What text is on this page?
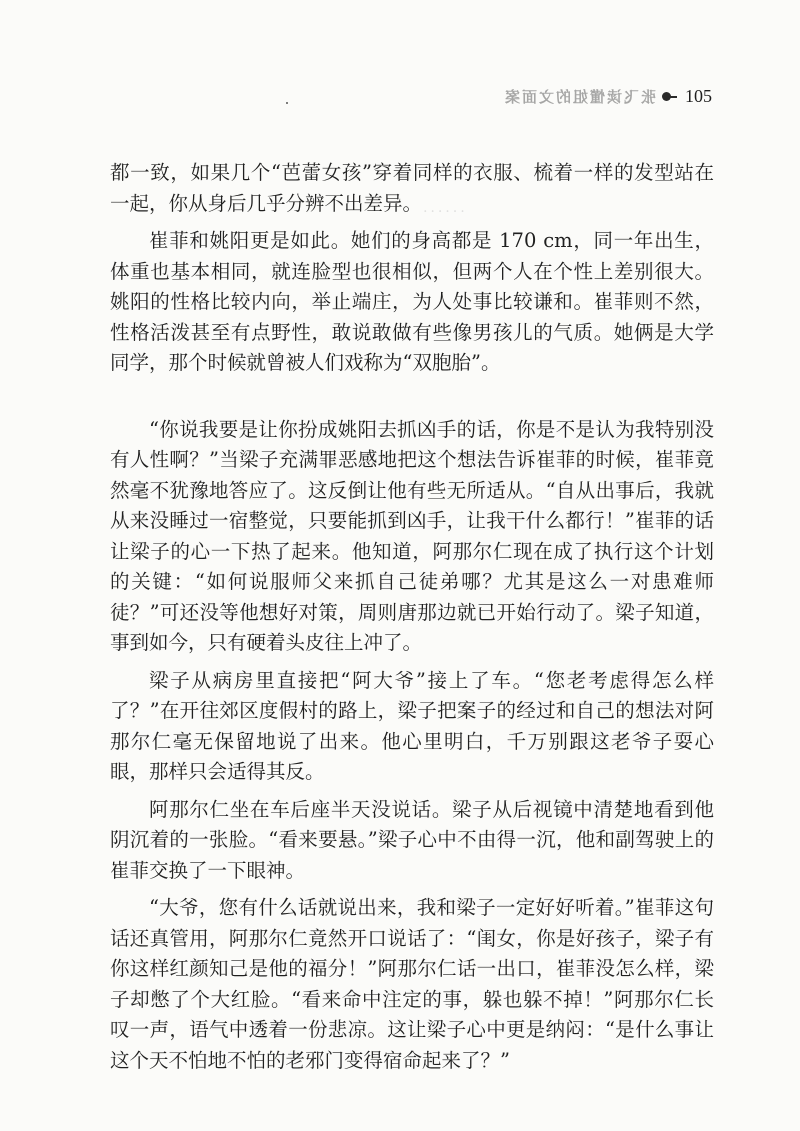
张飞读懂姐的文面案 105
......

都一致，如果几个“芭蕾女孩”穿着同样的衣服、梳着一样的发型站在一起，你从身后几乎分辨不出差异。

崔菲和姚阳更是如此。她们的身高都是 170 cm，同一年出生，体重也基本相同，就连脸型也很相似，但两个人在个性上差别很大。姚阳的性格比较内向，举止端庄，为人处事比较谦和。崔菲则不然，性格活泼甚至有点野性，敢说敢做有些像男孩儿的气质。她俩是大学同学，那个时候就曾被人们戏称为“双胞胎”。

“你说我要是让你扮成姚阳去抓凶手的话，你是不是认为我特别没有人性啊？”当梁子充满罪恶感地把这个想法告诉崔菲的时候，崔菲竟然毫不犹豫地答应了。这反倒让他有些无所适从。“自从出事后，我就从来没睡过一宿整觉，只要能抓到凶手，让我干什么都行！”崔菲的话让梁子的心一下热了起来。他知道，阿那尔仁现在成了执行这个计划的关键：“如何说服师父来抓自己徒弟哪？尤其是这么一对患难师徒？”可还没等他想好对策，周则唐那边就已开始行动了。梁子知道，事到如今，只有硬着头皮往上冲了。

梁子从病房里直接把“阿大爷”接上了车。“您老考虑得怎么样了？”在开往郊区度假村的路上，梁子把案子的经过和自己的想法对阿那尔仁毫无保留地说了出来。他心里明白，千万别跟这老爷子耍心眼，那样只会适得其反。

阿那尔仁坐在车后座半天没说话。梁子从后视镜中清楚地看到他阴沉着的一张脸。“看来要悬。”梁子心中不由得一沉，他和副驾驶上的崔菲交换了一下眼神。

“大爷，您有什么话就说出来，我和梁子一定好好听着。”崔菲这句话还真管用，阿那尔仁竟然开口说话了：“闺女，你是好孩子，梁子有你这样红颜知己是他的福分！”阿那尔仁话一出口，崔菲没怎么样，梁子却憋了个大红脸。“看来命中注定的事，躲也躲不掉！”阿那尔仁长叹一声，语气中透着一份悲凉。这让梁子心中更是纳闷：“是什么事让这个天不怕地不怕的老邪门变得宿命起来了？”
